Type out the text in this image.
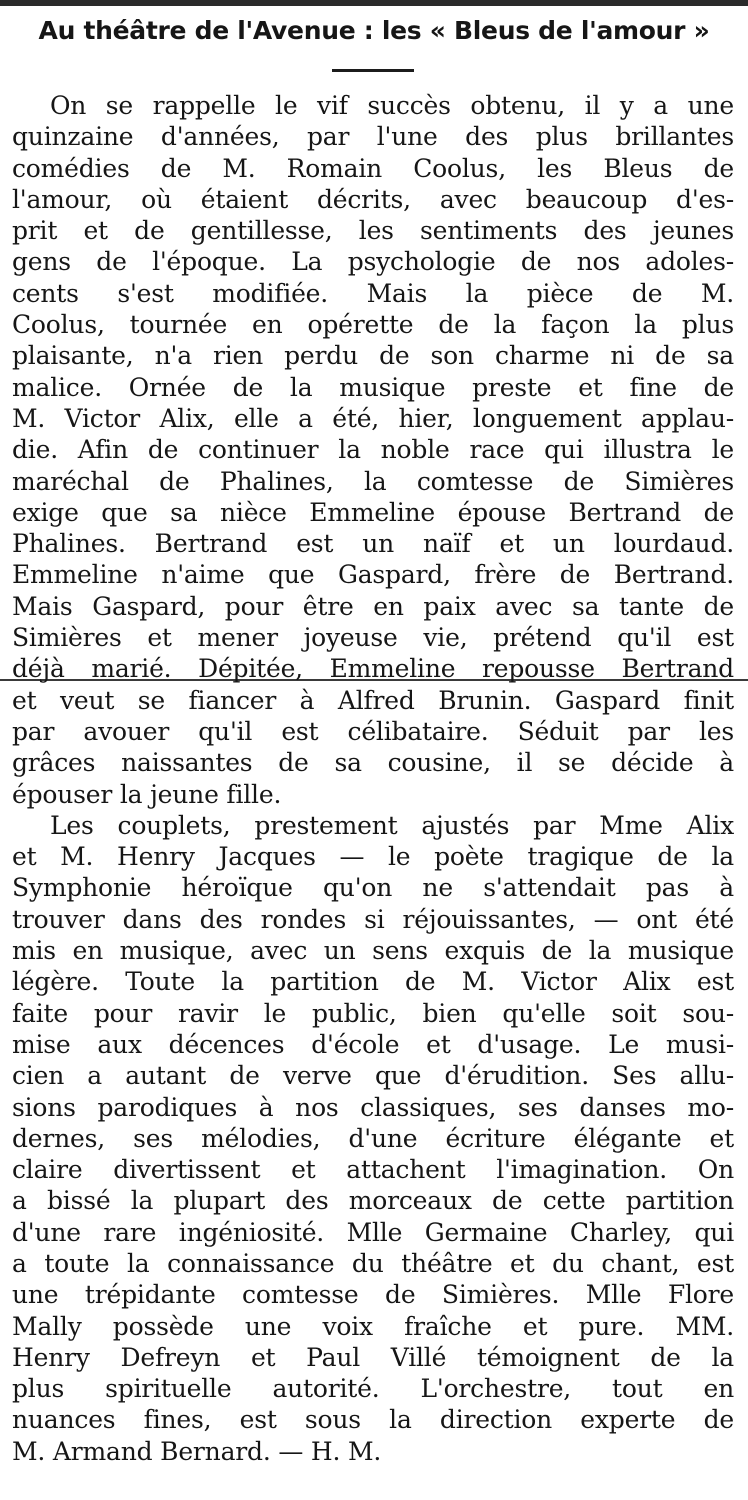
Au théâtre de l'Avenue : les « Bleus de l'amour »
On se rappelle le vif succès obtenu, il y a une
quinzaine d'années, par l'une des plus brillantes
comédies de M. Romain Coolus, les Bleus de
l'amour, où étaient décrits, avec beaucoup d'es-
prit et de gentillesse, les sentiments des jeunes
gens de l'époque. La psychologie de nos adoles-
cents s'est modifiée. Mais la pièce de M.
Coolus, tournée en opérette de la façon la plus
plaisante, n'a rien perdu de son charme ni de sa
malice. Ornée de la musique preste et fine de
M. Victor Alix, elle a été, hier, longuement applau-
die. Afin de continuer la noble race qui illustra le
maréchal de Phalines, la comtesse de Simières
exige que sa nièce Emmeline épouse Bertrand de
Phalines. Bertrand est un naïf et un lourdaud.
Emmeline n'aime que Gaspard, frère de Bertrand.
Mais Gaspard, pour être en paix avec sa tante de
Simières et mener joyeuse vie, prétend qu'il est
déjà marié. Dépitée, Emmeline repousse Bertrand
et veut se fiancer à Alfred Brunin. Gaspard finit
par avouer qu'il est célibataire. Séduit par les
grâces naissantes de sa cousine, il se décide à
épouser la jeune fille.
Les couplets, prestement ajustés par Mme Alix
et M. Henry Jacques — le poète tragique de la
Symphonie héroïque qu'on ne s'attendait pas à
trouver dans des rondes si réjouissantes, — ont été
mis en musique, avec un sens exquis de la musique
légère. Toute la partition de M. Victor Alix est
faite pour ravir le public, bien qu'elle soit sou-
mise aux décences d'école et d'usage. Le musi-
cien a autant de verve que d'érudition. Ses allu-
sions parodiques à nos classiques, ses danses mo-
dernes, ses mélodies, d'une écriture élégante et
claire divertissent et attachent l'imagination. On
a bissé la plupart des morceaux de cette partition
d'une rare ingéniosité. Mlle Germaine Charley, qui
a toute la connaissance du théâtre et du chant, est
une trépidante comtesse de Simières. Mlle Flore
Mally possède une voix fraîche et pure. MM.
Henry Defreyn et Paul Villé témoignent de la
plus spirituelle autorité. L'orchestre, tout en
nuances fines, est sous la direction experte de
M. Armand Bernard. — H. M.
